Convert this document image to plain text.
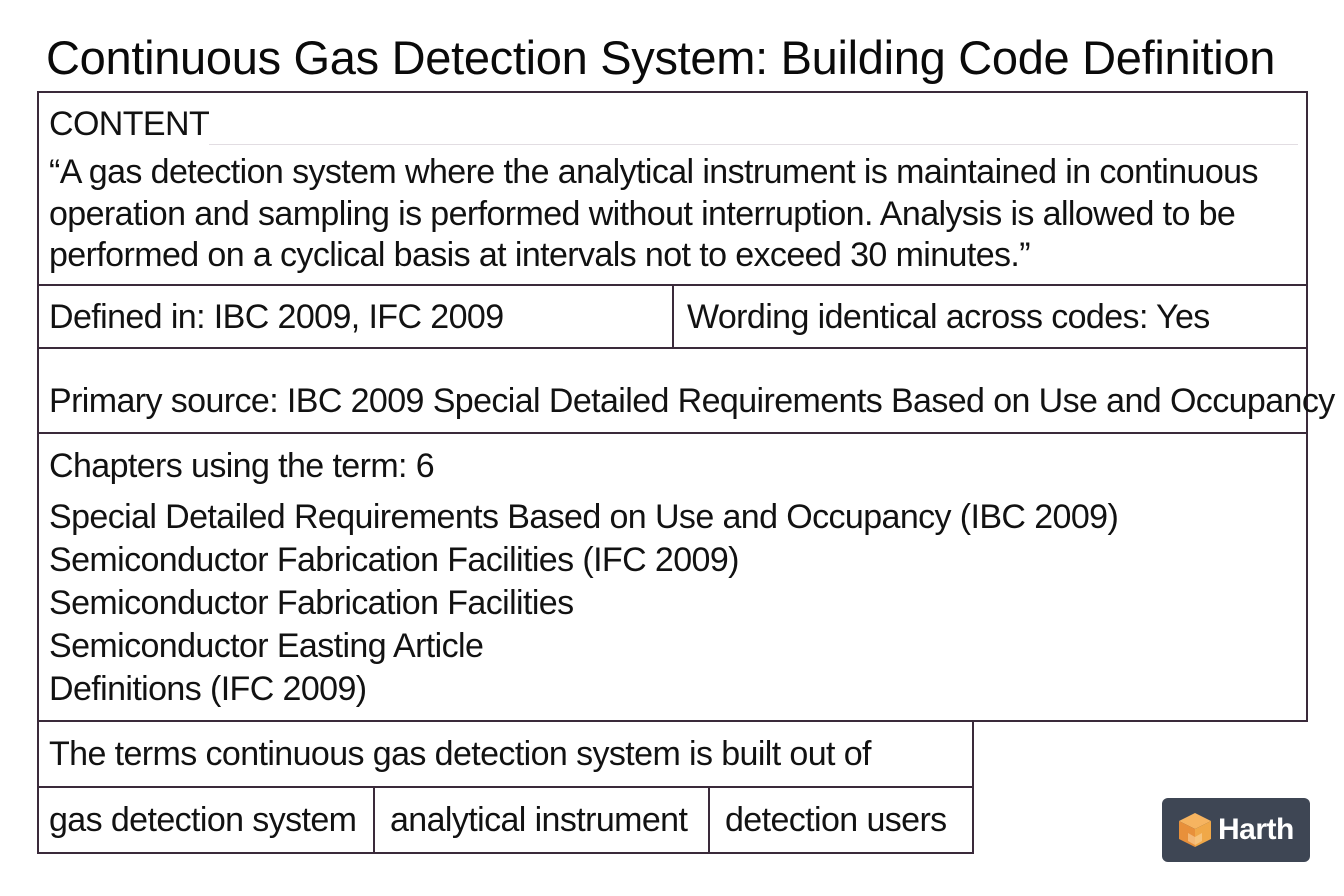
Continuous Gas Detection System: Building Code Definition
CONTENT
“A gas detection system where the analytical instrument is maintained in continuous operation and sampling is performed without interruption. Analysis is allowed to be performed on a cyclical basis at intervals not to exceed 30 minutes.”
Defined in: IBC 2009, IFC 2009	Wording identical across codes: Yes
Primary source: IBC 2009 Special Detailed Requirements Based on Use and Occupancy
Chapters using the term: 6
Special Detailed Requirements Based on Use and Occupancy (IBC 2009)
Semiconductor Fabrication Facilities (IFC 2009)
Semiconductor Fabrication Facilities
Semiconductor Easting Article
Definitions (IFC 2009)
The terms continuous gas detection system is built out of
gas detection system analytical instrument detection users	Harth
